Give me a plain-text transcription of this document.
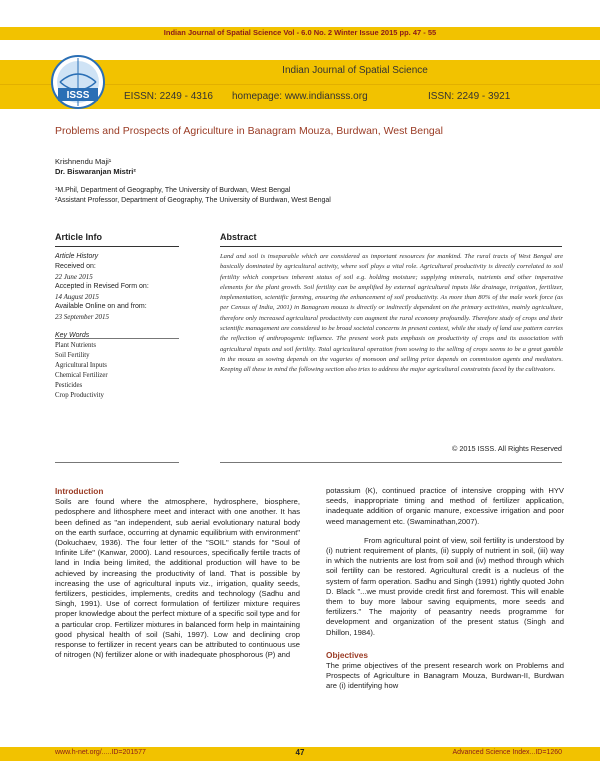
Indian Journal of Spatial Science Vol - 6.0 No. 2 Winter Issue 2015 pp. 47 - 55
ISSS
Indian Journal of Spatial Science
EISSN: 2249 - 4316 homepage: www.indiansss.org	ISSN: 2249 - 3921
Problems and Prospects of Agriculture in Banagram Mouza, Burdwan, West Bengal
Krishnendu Maji¹
Dr. Biswaranjan Mistri²
¹M.Phil, Department of Geography, The University of Burdwan, West Bengal
²Assistant Professor, Department of Geography, The University of Burdwan, West Bengal
Article Info
Article History
Received on:
22 June 2015
Accepted in Revised Form on:
14 August 2015
Available Online on and from:
23 September 2015
Key Words
Plant Nutrients
Soil Fertility
Agricultural Inputs
Chemical Fertilizer
Pesticides
Crop Productivity
Abstract
Land and soil is inseparable which are considered as important resources for mankind. The rural tracts of West Bengal are basically dominated by agricultural activity, where soil plays a vital role. Agricultural productivity is directly correlated to soil fertility which comprises inherent status of soil e.g. holding moisture; supplying minerals, nutrients and other imperative elements for the plant growth. Soil fertility can be amplified by external agricultural inputs like drainage, irrigation, fertilizer, implementation, scientific farming, ensuring the enhancement of soil productivity. As more than 80% of the male work force (as per Census of India, 2001) in Banagram mouza is directly or indirectly dependent on the primary activities, mainly agriculture, therefore only increased agricultural productivity can augment the rural economy profoundly. Therefore study of crops and their scientific management are considered to be broad societal concerns in present context, while the study of land use pattern carries the reflection of anthropogenic influence. The present work puts emphasis on productivity of crops and its association with agricultural inputs and soil fertility. Total agricultural operation from sowing to the selling of crops seems to be a great gamble in the mouza as sowing depends on the vagaries of monsoon and selling price depends on commission agents and mediators. Keeping all these in mind the following section also tries to address the major agricultural constraints faced by the cultivators.
© 2015 ISSS. All Rights Reserved
Introduction

Soils are found where the atmosphere, hydrosphere, biosphere, pedosphere and lithosphere meet and interact with one another. It has been defined as "an independent, sub aerial evolutionary natural body on the earth surface, occurring at dynamic equilibrium with environment" (Dokuchaev, 1936). The four letter of the "SOIL" stands for "Soul of Infinite Life" (Kanwar, 2000). Land resources, specifically fertile tracts of land in India being limited, the additional production will have to be achieved by increasing the productivity of land. That is possible by increasing the use of agricultural inputs viz., irrigation, quality seeds, fertilizers, pesticides, implements, credits and technology (Sadhu and Singh, 1991). Use of correct formulation of fertilizer mixture requires proper knowledge about the perfect mixture of a specific soil type and for a particular crop. Fertilizer mixtures in balanced form help in maintaining good physical health of soil (Sahi, 1997). Low and declining crop response to fertilizer in recent years can be attributed to continuous use of nitrogen (N) fertilizer alone or with inadequate phosphorous (P) and

potassium (K), continued practice of intensive cropping with HYV seeds, inappropriate timing and method of fertilizer application, inadequate addition of organic manure, excessive irrigation and poor weed management etc. (Swaminathan,2007).

From agricultural point of view, soil fertility is understood by (i) nutrient requirement of plants, (ii) supply of nutrient in soil, (iii) way in which the nutrients are lost from soil and (iv) method through which soil fertility can be restored. Agricultural credit is a nucleus of the system of farm operation. Sadhu and Singh (1991) rightly quoted John D. Black "...we must provide credit first and foremost. This will enable them to buy more labour saving equipments, more seeds and fertilizers." The majority of peasantry needs programme for development and organization of the present status (Singh and Dhillon, 1984).

Objectives

The prime objectives of the present research work on Problems and Prospects of Agriculture in Banagram Mouza, Burdwan-II, Burdwan are (i) identifying how

www.h-net.org/.....ID=201577	47	Advanced Science Index...ID=1260
